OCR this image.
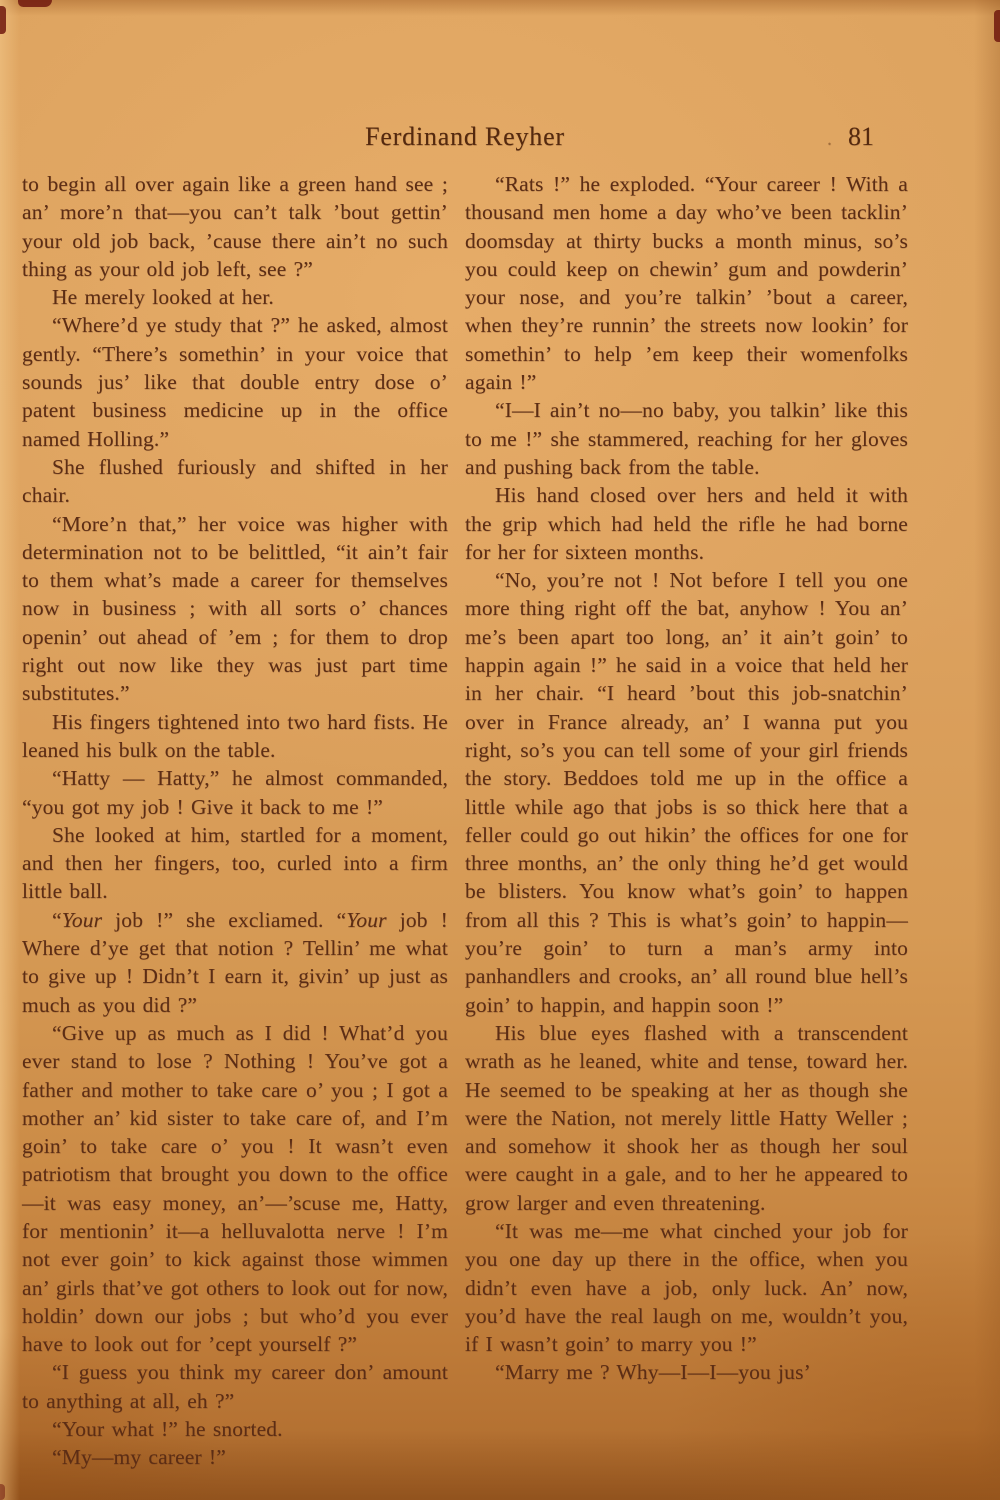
Ferdinand Reyher	. 81

to begin all over again like a green hand see ; an’ more’n that—you can’t talk ’bout gettin’ your old job back, ’cause there ain’t no such thing as your old job left, see ?”

He merely looked at her.

“Where’d ye study that ?” he asked, almost gently. “There’s somethin’ in your voice that sounds jus’ like that double entry dose o’ patent business medicine up in the office named Holling.”

She flushed furiously and shifted in her chair.

“More’n that,” her voice was higher with determination not to be belittled, “it ain’t fair to them what’s made a career for themselves now in business ; with all sorts o’ chances openin’ out ahead of ’em ; for them to drop right out now like they was just part time substitutes.”

His fingers tightened into two hard fists. He leaned his bulk on the table.

“Hatty — Hatty,” he almost commanded, “you got my job ! Give it back to me !”

She looked at him, startled for a moment, and then her fingers, too, curled into a firm little ball.

“Your job !” she excliamed. “Your job ! Where d’ye get that notion ? Tellin’ me what to give up ! Didn’t I earn it, givin’ up just as much as you did ?”

“Give up as much as I did ! What’d you ever stand to lose ? Nothing ! You’ve got a father and mother to take care o’ you ; I got a mother an’ kid sister to take care of, and I’m goin’ to take care o’ you ! It wasn’t even patriotism that brought you down to the office—it was easy money, an’—’scuse me, Hatty, for mentionin’ it—a helluvalotta nerve ! I’m not ever goin’ to kick against those wimmen an’ girls that’ve got others to look out for now, holdin’ down our jobs ; but who’d you ever have to look out for ’cept yourself ?”

“I guess you think my career don’ amount to anything at all, eh ?”

“Your what !” he snorted.

“My—my career !”

“Rats !” he exploded. “Your career ! With a thousand men home a day who’ve been tacklin’ doomsday at thirty bucks a month minus, so’s you could keep on chewin’ gum and powderin’ your nose, and you’re talkin’ ’bout a career, when they’re runnin’ the streets now lookin’ for somethin’ to help ’em keep their womenfolks again !”

“I—I ain’t no—no baby, you talkin’ like this to me !” she stammered, reaching for her gloves and pushing back from the table.

His hand closed over hers and held it with the grip which had held the rifle he had borne for her for sixteen months.

“No, you’re not ! Not before I tell you one more thing right off the bat, anyhow ! You an’ me’s been apart too long, an’ it ain’t goin’ to happin again !” he said in a voice that held her in her chair. “I heard ’bout this job-snatchin’ over in France already, an’ I wanna put you right, so’s you can tell some of your girl friends the story. Beddoes told me up in the office a little while ago that jobs is so thick here that a feller could go out hikin’ the offices for one for three months, an’ the only thing he’d get would be blisters. You know what’s goin’ to happen from all this ? This is what’s goin’ to happin—you’re goin’ to turn a man’s army into panhandlers and crooks, an’ all round blue hell’s goin’ to happin, and happin soon !”

His blue eyes flashed with a transcendent wrath as he leaned, white and tense, toward her. He seemed to be speaking at her as though she were the Nation, not merely little Hatty Weller ; and somehow it shook her as though her soul were caught in a gale, and to her he appeared to grow larger and even threatening.

“It was me—me what cinched your job for you one day up there in the office, when you didn’t even have a job, only luck. An’ now, you’d have the real laugh on me, wouldn’t you, if I wasn’t goin’ to marry you !”

“Marry me ? Why—I—I—you jus’
